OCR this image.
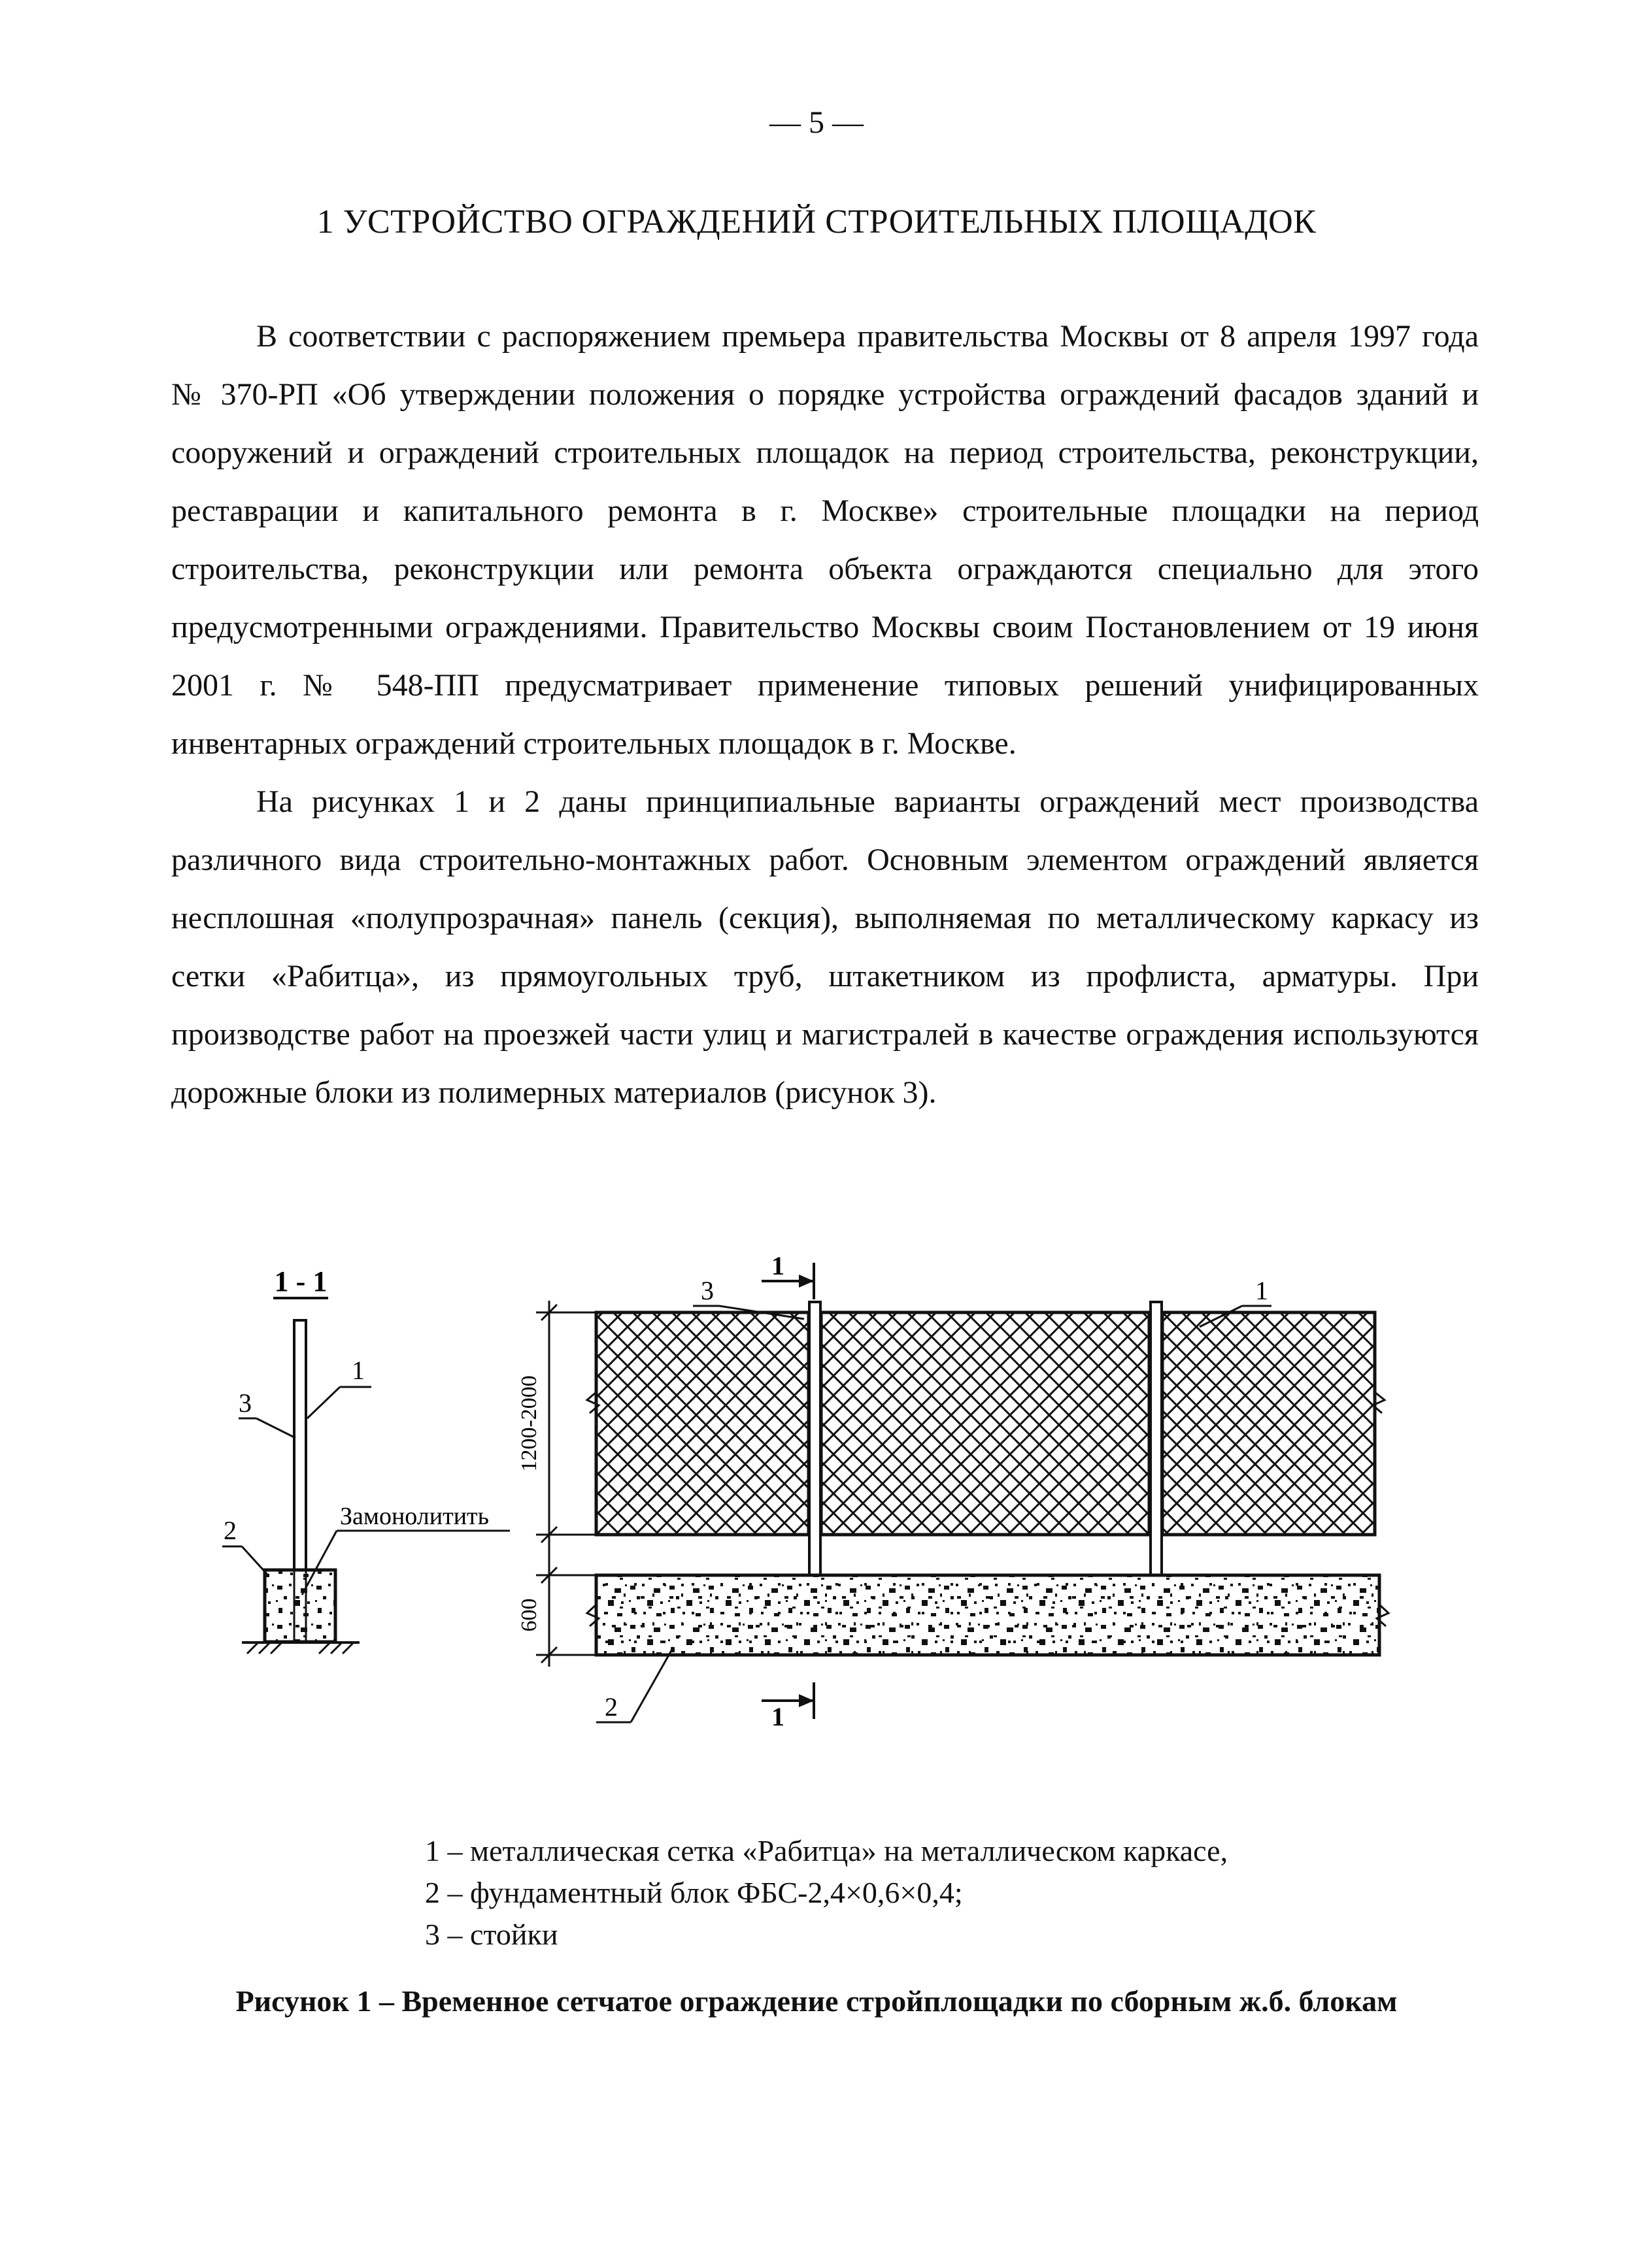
— 5 —
1 УСТРОЙСТВО ОГРАЖДЕНИЙ СТРОИТЕЛЬНЫХ ПЛОЩАДОК

В соответствии с распоряжением премьера правительства Москвы от 8 апреля 1997 года № 370-РП «Об утверждении положения о порядке устройства ограждений фасадов зданий и сооружений и ограждений строительных площадок на период строительства, реконструкции, реставрации и капитального ремонта в г. Москве» строительные площадки на период строительства, реконструкции или ремонта объекта ограждаются специально для этого предусмотренными ограждениями. Правительство Москвы своим Постановлением от 19 июня 2001 г. № 548-ПП предусматривает применение типовых решений унифицированных инвентарных ограждений строительных площадок в г. Москве.

На рисунках 1 и 2 даны принципиальные варианты ограждений мест производства различного вида строительно-монтажных работ. Основным элементом ограждений является несплошная «полупрозрачная» панель (секция), выполняемая по металлическому каркасу из сетки «Рабитца», из прямоугольных труб, штакетником из профлиста, арматуры. При производстве работ на проезжей части улиц и магистралей в качестве ограждения используются дорожные блоки из полимерных материалов (рисунок 3).

1 - 1
3
1
2	Замонолитить
1
1
1200-2000
600
3	1
2
1 – металлическая сетка «Рабитца» на металлическом каркасе,
2 – фундаментный блок ФБС-2,4×0,6×0,4;
3 – стойки
Рисунок 1 – Временное сетчатое ограждение стройплощадки по сборным ж.б. блокам
